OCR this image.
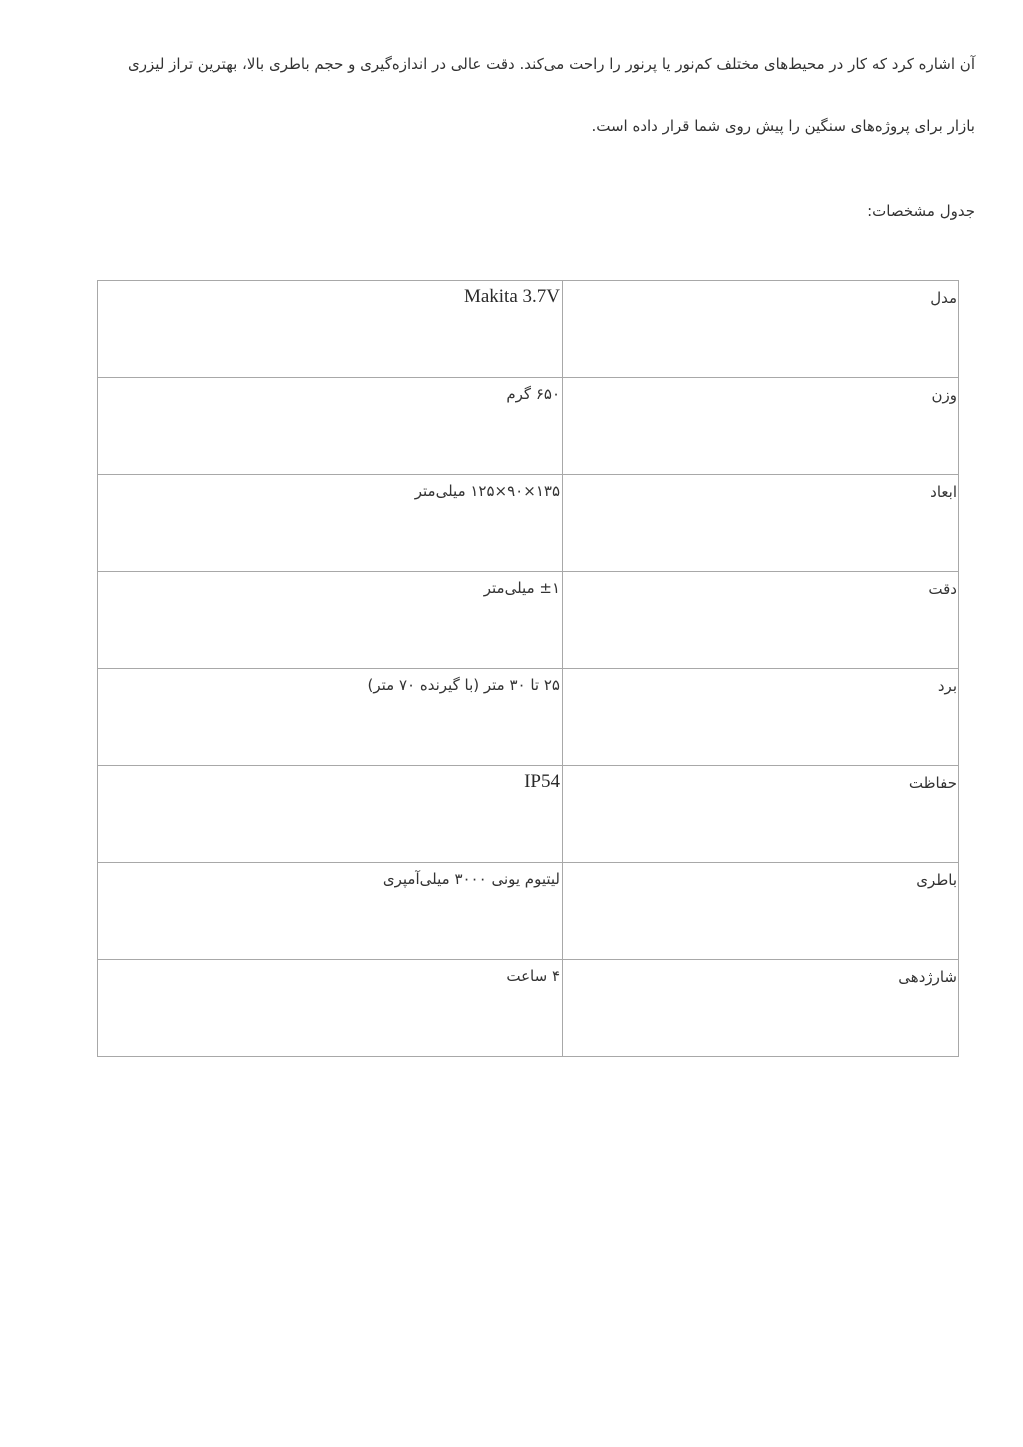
آن اشاره کرد که کار در محیط‌های مختلف کم‌نور یا پرنور را راحت می‌کند. دقت عالی در اندازه‌گیری و حجم باطری بالا، بهترین تراز لیزری
بازار برای پروژه‌های سنگین را پیش روی شما قرار داده است.
جدول مشخصات:
مدل	Makita 3.7V
وزن	۶۵۰ گرم
ابعاد	۱۳۵×۹۰×۱۲۵ میلی‌متر
دقت	±۱ میلی‌متر
برد	۲۵ تا ۳۰ متر (با گیرنده ۷۰ متر)
حفاظت	IP54
باطری	لیتیوم یونی ۳۰۰۰ میلی‌آمپری
شارژدهی	۴ ساعت
